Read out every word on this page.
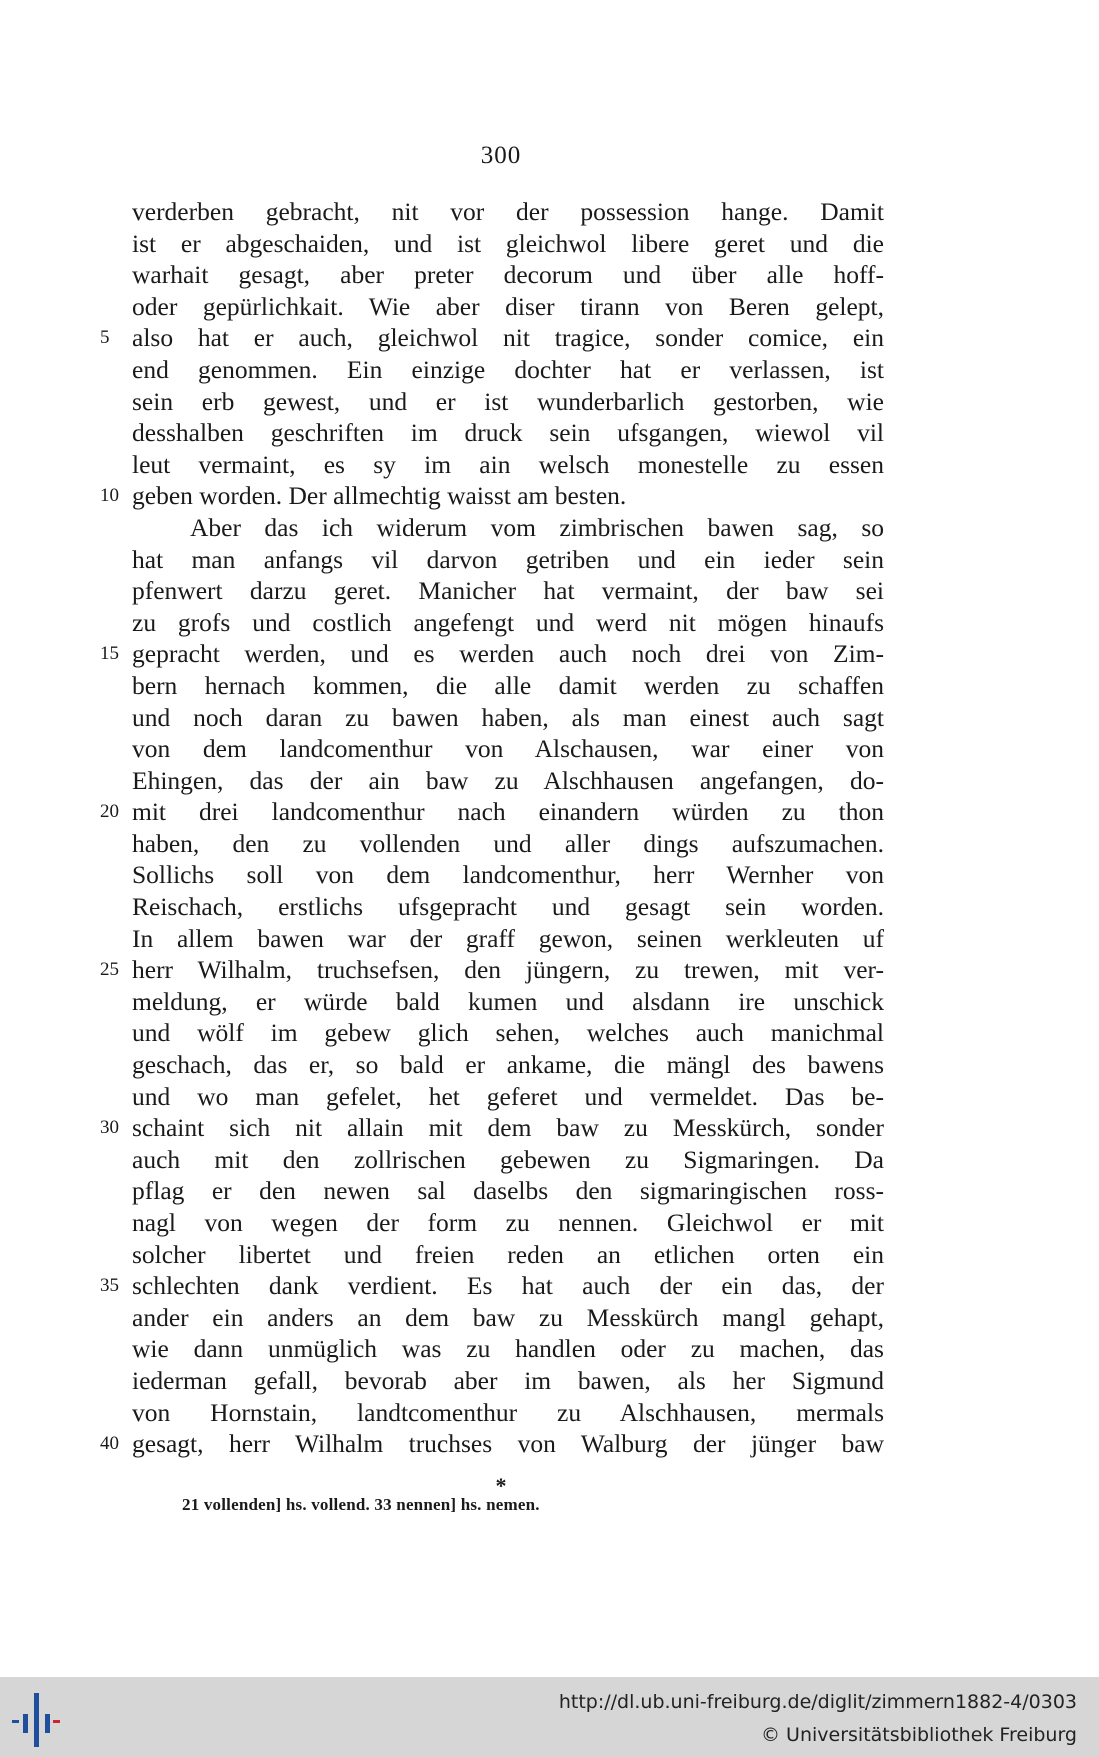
300
verderben gebracht, nit vor der possession hange. Damit
ist er abgeschaiden, und ist gleichwol libere geret und die
warhait gesagt, aber preter decorum und über alle hoff-
oder gepürlichkait. Wie aber diser tirann von Beren gelept,
5 also hat er auch, gleichwol nit tragice, sonder comice, ein
end genommen. Ein einzige dochter hat er verlassen, ist
sein erb gewest, und er ist wunderbarlich gestorben, wie
desshalben geschriften im druck sein ufsgangen, wiewol vil
leut vermaint, es sy im ain welsch monestelle zu essen
10 geben worden. Der allmechtig waisst am besten.
Aber das ich widerum vom zimbrischen bawen sag, so
hat man anfangs vil darvon getriben und ein ieder sein
pfenwert darzu geret. Manicher hat vermaint, der baw sei
zu grofs und costlich angefengt und werd nit mögen hinaufs
15 gepracht werden, und es werden auch noch drei von Zim-
bern hernach kommen, die alle damit werden zu schaffen
und noch daran zu bawen haben, als man einest auch sagt
von dem landcomenthur von Alschausen, war einer von
Ehingen, das der ain baw zu Alschhausen angefangen, do-
20 mit drei landcomenthur nach einandern würden zu thon
haben, den zu vollenden und aller dings aufszumachen.
Sollichs soll von dem landcomenthur, herr Wernher von
Reischach, erstlichs ufsgepracht und gesagt sein worden.
In allem bawen war der graff gewon, seinen werkleuten uf
25 herr Wilhalm, truchsefsen, den jüngern, zu trewen, mit ver-
meldung, er würde bald kumen und alsdann ire unschick
und wölf im gebew glich sehen, welches auch manichmal
geschach, das er, so bald er ankame, die mängl des bawens
und wo man gefelet, het geferet und vermeldet. Das be-
30 schaint sich nit allain mit dem baw zu Messkürch, sonder
auch mit den zollrischen gebewen zu Sigmaringen. Da
pflag er den newen sal daselbs den sigmaringischen ross-
nagl von wegen der form zu nennen. Gleichwol er mit
solcher libertet und freien reden an etlichen orten ein
35 schlechten dank verdient. Es hat auch der ein das, der
ander ein anders an dem baw zu Messkürch mangl gehapt,
wie dann unmüglich was zu handlen oder zu machen, das
iederman gefall, bevorab aber im bawen, als her Sigmund
von Hornstain, landtcomenthur zu Alschhausen, mermals
40 gesagt, herr Wilhalm truchses von Walburg der jünger baw
*
21 vollenden] hs. vollend. 33 nennen] hs. nemen.
http://dl.ub.uni-freiburg.de/diglit/zimmern1882-4/0303
© Universitätsbibliothek Freiburg
